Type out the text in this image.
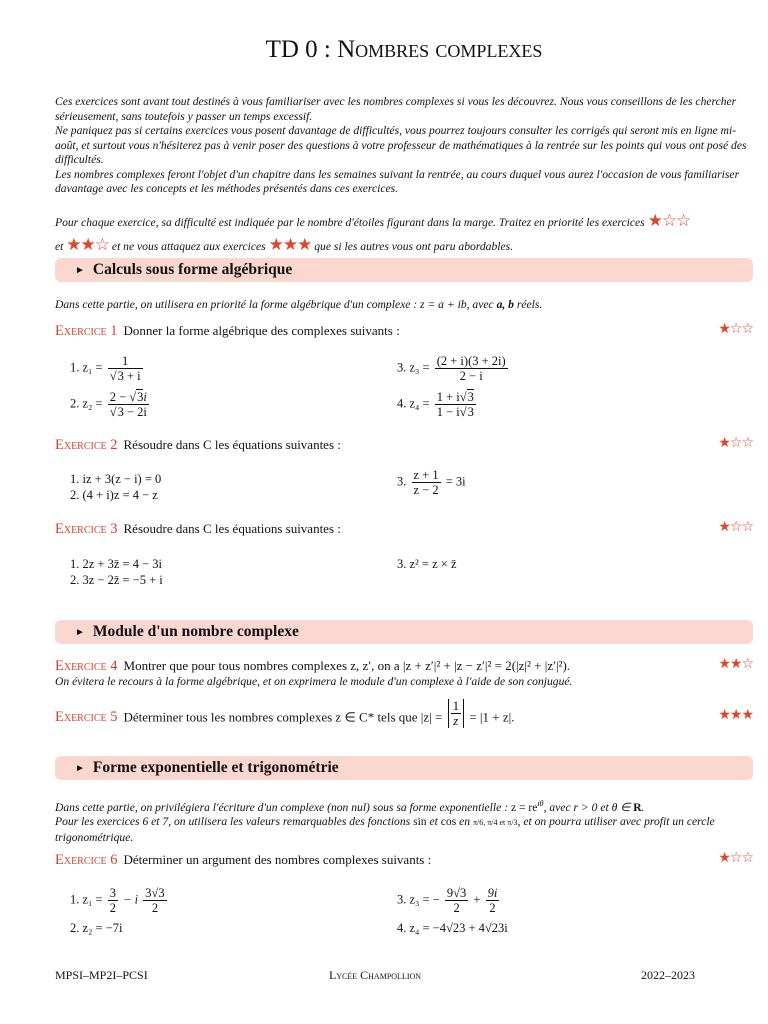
TD 0 : Nombres complexes

Ces exercices sont avant tout destinés à vous familiariser avec les nombres complexes si vous les découvrez. Nous vous conseillons de les chercher sérieusement, sans toutefois y passer un temps excessif.

Ne paniquez pas si certains exercices vous posent davantage de difficultés, vous pourrez toujours consulter les corrigés qui seront mis en ligne mi-août, et surtout vous n'hésiterez pas à venir poser des questions à votre professeur de mathématiques à la rentrée sur les points qui vous ont posé des difficultés.

Les nombres complexes feront l'objet d'un chapitre dans les semaines suivant la rentrée, au cours duquel vous aurez l'occasion de vous familiariser davantage avec les concepts et les méthodes présentés dans ces exercices.

Pour chaque exercice, sa difficulté est indiquée par le nombre d'étoiles figurant dans la marge. Traitez en priorité les exercices ★☆☆
et ★★☆ et ne vous attaquez aux exercices ★★★ que si les autres vous ont paru abordables.
► Calculs sous forme algébrique
Dans cette partie, on utilisera en priorité la forme algébrique d'un complexe : z = a + ib, avec a, b réels.
Exercice 1 Donner la forme algébrique des complexes suivants :	★☆☆
1. $z_1 = \frac{1}{√3 + i}$
2. $z_2 = \frac{2 - √3i}{√3 - 2i}$
3. $z_3 = \frac{(2 + i)(3 + 2i)}{2 - i}$
4. $z_4 = \frac{1 + i√3}{1 - i√3}$
Exercice 2 Résoudre dans C les équations suivantes :	★☆☆
1. iz + 3(z − i) = 0
2. (4 + i)z = 4 − z
3. $\frac{z + 1}{z - 2} = 3i$
Exercice 3 Résoudre dans C les équations suivantes :	★☆☆
1. 2z + 3z̄ = 4 − 3i
2. 3z − 2z̄ = −5 + i
3. z² = z × z̄
► Module d'un nombre complexe
Exercice 4 Montrer que pour tous nombres complexes z, z′, on a |z + z′|² + |z − z′|² = 2(|z|² + |z′|²).	★★☆
On évitera le recours à la forme algébrique, et on exprimera le module d'un complexe à l'aide de son conjugué.
Exercice 5 Déterminer tous les nombres complexes z ∈ C* tels que $|z| = \frac{1}{z} = |1 + z|$.	★★★
► Forme exponentielle et trigonométrie
Dans cette partie, on privilégiera l'écriture d'un complexe (non nul) sous sa forme exponentielle : $z = re^{i\theta}$, avec r > 0 et θ ∈ R.
Pour les exercices 6 et 7, on utilisera les valeurs remarquables des fonctions sin et cos en π/6, π/4 et π/3, et on pourra utiliser avec profit un cercle trigonométrique.
Exercice 6 Déterminer un argument des nombres complexes suivants :	★☆☆
1. $z_1 = \frac{3}{2} - i \frac{3√3}{2}$
2. z₂ = −7i
3. z₃ = − $\frac{9√3}{2} + \frac{9i}{2}$
4. z₄ = −4√23 + 4√23i
MPSI–MP2I–PCSI	Lycée Champollion	2022–2023
